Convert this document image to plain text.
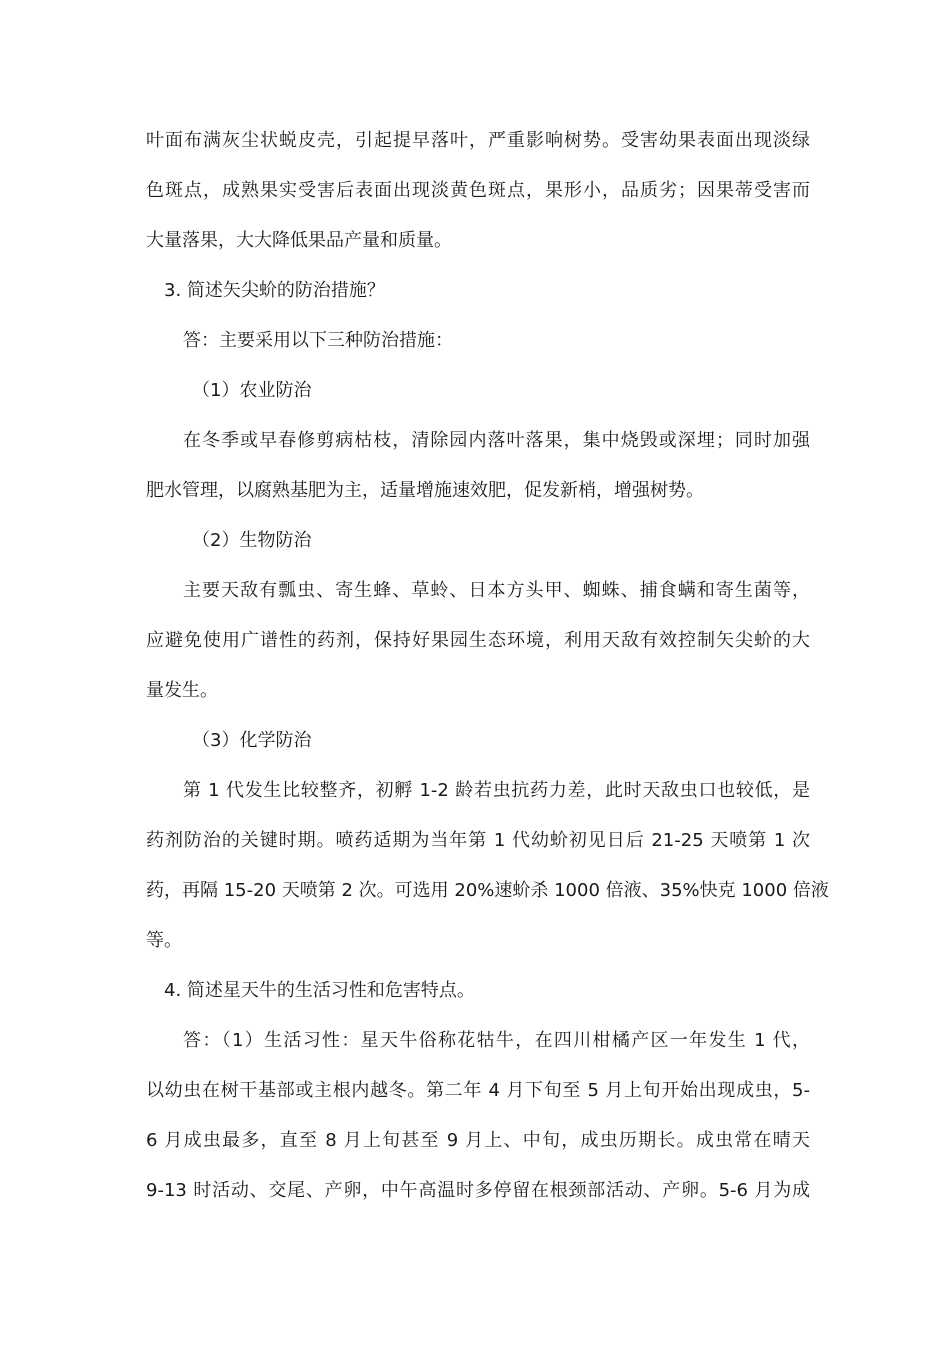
叶面布满灰尘状蜕皮壳，引起提早落叶，严重影响树势。受害幼果表面出现淡绿
色斑点，成熟果实受害后表面出现淡黄色斑点，果形小，品质劣；因果蒂受害而
大量落果，大大降低果品产量和质量。
3. 简述矢尖蚧的防治措施？
答：主要采用以下三种防治措施：
（1）农业防治
在冬季或早春修剪病枯枝，清除园内落叶落果，集中烧毁或深埋；同时加强
肥水管理，以腐熟基肥为主，适量增施速效肥，促发新梢，增强树势。
（2）生物防治
主要天敌有瓢虫、寄生蜂、草蛉、日本方头甲、蜘蛛、捕食螨和寄生菌等，
应避免使用广谱性的药剂，保持好果园生态环境，利用天敌有效控制矢尖蚧的大
量发生。
（3）化学防治
第 1 代发生比较整齐，初孵 1-2 龄若虫抗药力差，此时天敌虫口也较低，是
药剂防治的关键时期。喷药适期为当年第 1 代幼蚧初见日后 21-25 天喷第 1 次
药，再隔 15-20 天喷第 2 次。可选用 20%速蚧杀 1000 倍液、35%快克 1000 倍液
等。
4. 简述星天牛的生活习性和危害特点。
答：（1）生活习性：星天牛俗称花牯牛，在四川柑橘产区一年发生 1 代，
以幼虫在树干基部或主根内越冬。第二年 4 月下旬至 5 月上旬开始出现成虫，5-
6 月成虫最多，直至 8 月上旬甚至 9 月上、中旬，成虫历期长。成虫常在晴天
9-13 时活动、交尾、产卵，中午高温时多停留在根颈部活动、产卵。5-6 月为成
